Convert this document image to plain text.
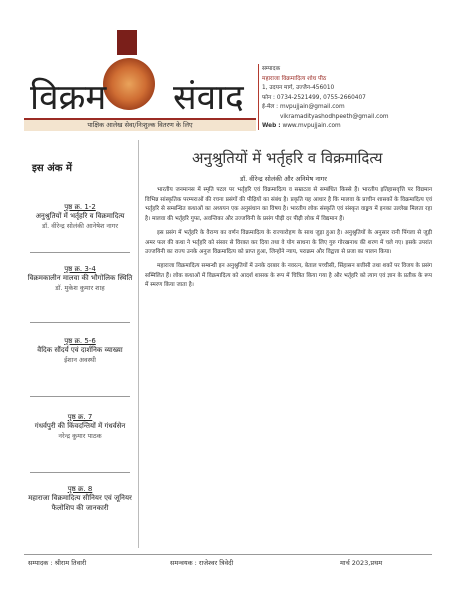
विक्रम संवाद
पाक्षिक आलेख सेवा/निःशुल्क वितरण के लिए
सम्पादक
महाराजा विक्रमादित्य शोध पीठ
1, उदयन मार्ग, उज्जैन-456010
फोन : 0734-2521499, 0755-2660407
ई-मेल : mvpujjain@gmail.com
vikramadityashodhpeeth@gmail.com
Web : www.mvpujjain.com
इस अंक में
पृष्ठ क्र. 1-2
अनुश्रुतियों में भर्तृहरि व विक्रमादित्य
डॉ. वीरेन्द्र सोलंकी आनेषेश नागर
पृष्ठ क्र. 3-4
विक्रमकालीन मालवा की भौगोलिक स्थिति
डॉ. मुकेश कुमार शाह
पृष्ठ क्र. 5-6
वैदिक सौंदर्य एवं दार्शनिक व्याख्या
ईशान अवस्थी
पृष्ठ क्र. 7
गंधर्वपुरी की किंवदन्तियों में गंधर्वसेन
नरेन्द्र कुमार पाठक
पृष्ठ क्र. 8
महाराजा विक्रमादित्य सीनियर एवं जूनियर फैलोशिप की जानकारी
अनुश्रुतियों में भर्तृहरि व विक्रमादित्य
डॉ. वीरेन्द्र सोलंकी और अनिमेष नागर

भारतीय जनमानस में स्मृति पटल पर भर्तृहरि एवं विक्रमादित्य व सम्राटत्व से सम्बंधित किस्से हैं। भारतीय इतिहासवृत्ति पर विद्यमान विभिन्न सांस्कृतिक परम्पराओं की रचना प्रसंगों की पीढ़ियों का संबंध है। प्रकृति यह आधार है कि मालवा के प्राचीन शासकों के विक्रमादित्य एवं भर्तृहरि से सम्बन्धित कथाओं का अध्ययन एक अनुसंधान का विषय है। भारतीय लोक संस्कृति एवं संस्कृत वाङ्मय में इनका उल्लेख मिलता रहा है। मालवा की भर्तृहरि गुफा, अवन्तिका और उज्जयिनी के प्रसंग पीढ़ी दर पीढ़ी लोक में विद्यमान हैं।

इस प्रसंग में भर्तृहरि के वैराग्य का वर्णन विक्रमादित्य के राज्यारोहण के साथ जुड़ा हुआ है। अनुश्रुतियों के अनुसार रानी पिंगला से जुड़ी अमर फल की कथा ने भर्तृहरि को संसार से विरक्त कर दिया तथा वे योग साधना के लिए गुरु गोरखनाथ की शरण में चले गए। इसके उपरांत उज्जयिनी का राज्य उनके अनुज विक्रमादित्य को प्राप्त हुआ, जिन्होंने न्याय, पराक्रम और विद्वत्ता से प्रजा का पालन किया।

महाराजा विक्रमादित्य सम्बन्धी इन अनुश्रुतियों में उनके दरबार के नवरत्न, बेताल पच्चीसी, सिंहासन बत्तीसी तथा शकों पर विजय के प्रसंग सम्मिलित हैं। लोक कथाओं में विक्रमादित्य को आदर्श शासक के रूप में चित्रित किया गया है और भर्तृहरि को त्याग एवं ज्ञान के प्रतीक के रूप में स्मरण किया जाता है।

सम्पादक : श्रीराम तिवारी	समन्वयक : राजेश्वर त्रिवेदी	मार्च 2023,प्रथम
